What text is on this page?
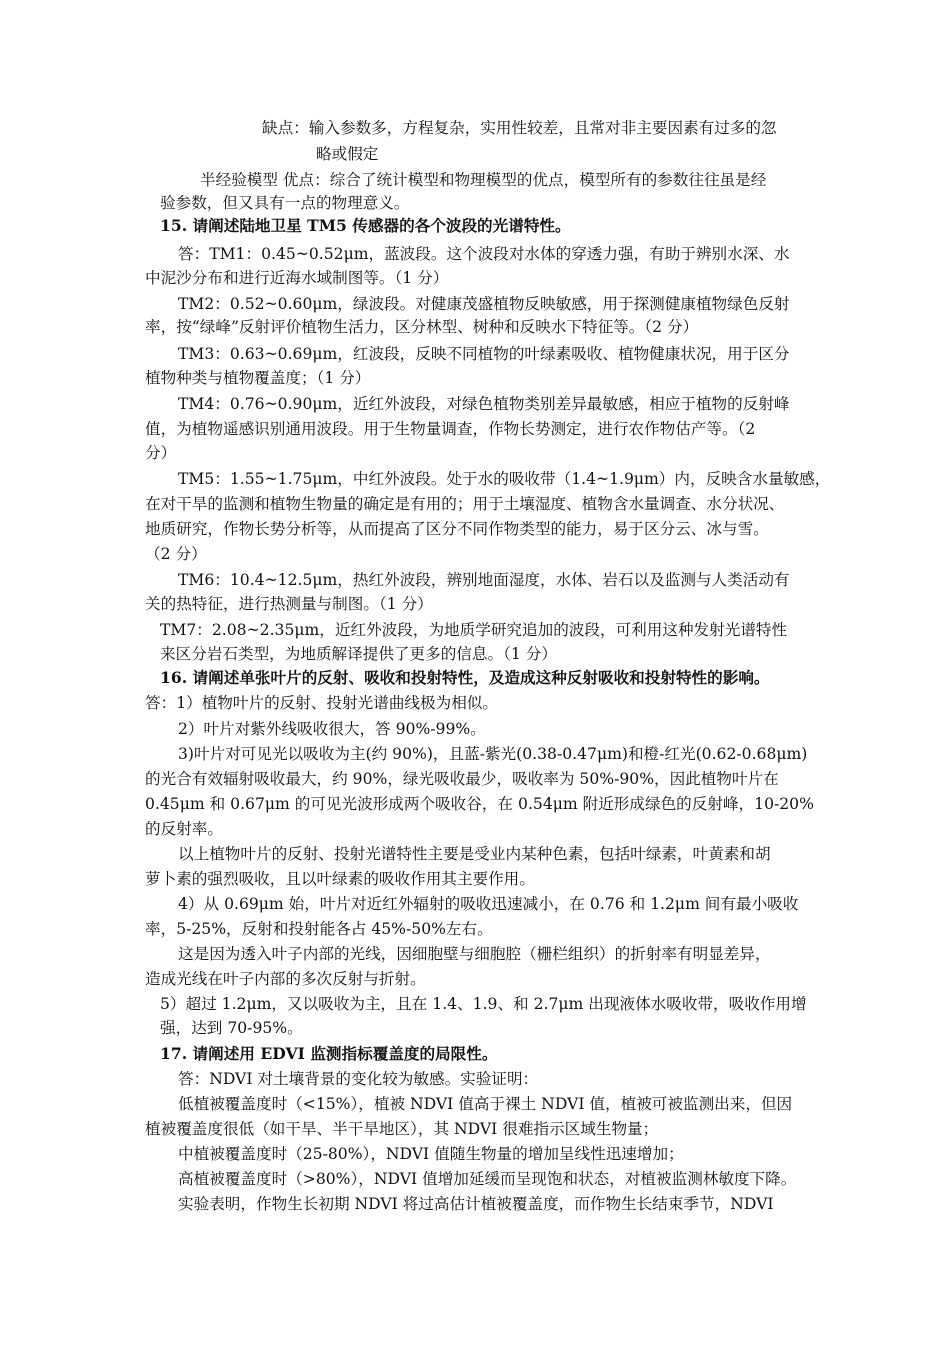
缺点：输入参数多，方程复杂，实用性较差，且常对非主要因素有过多的忽

略或假定

半经验模型 优点：综合了统计模型和物理模型的优点，模型所有的参数往往虽是经

验参数，但又具有一点的物理意义。

15. 请阐述陆地卫星 TM5 传感器的各个波段的光谱特性。

答：TM1：0.45~0.52μm，蓝波段。这个波段对水体的穿透力强，有助于辨别水深、水

中泥沙分布和进行近海水域制图等。（1 分）

TM2：0.52~0.60μm，绿波段。对健康茂盛植物反映敏感，用于探测健康植物绿色反射

率，按“绿峰”反射评价植物生活力，区分林型、树种和反映水下特征等。（2 分）

TM3：0.63~0.69μm，红波段，反映不同植物的叶绿素吸收、植物健康状况，用于区分

植物种类与植物覆盖度；（1 分）

TM4：0.76~0.90μm，近红外波段，对绿色植物类别差异最敏感，相应于植物的反射峰

值，为植物遥感识别通用波段。用于生物量调查，作物长势测定，进行农作物估产等。（2

分）

TM5：1.55~1.75μm，中红外波段。处于水的吸收带（1.4~1.9μm）内，反映含水量敏感，

在对干旱的监测和植物生物量的确定是有用的；用于土壤湿度、植物含水量调查、水分状况、

地质研究，作物长势分析等，从而提高了区分不同作物类型的能力，易于区分云、冰与雪。

（2 分）

TM6：10.4~12.5μm，热红外波段，辨别地面湿度，水体、岩石以及监测与人类活动有

关的热特征，进行热测量与制图。（1 分）

TM7：2.08~2.35μm，近红外波段，为地质学研究追加的波段，可利用这种发射光谱特性

来区分岩石类型，为地质解译提供了更多的信息。（1 分）

16. 请阐述单张叶片的反射、吸收和投射特性，及造成这种反射吸收和投射特性的影响。

答：1）植物叶片的反射、投射光谱曲线极为相似。

2）叶片对紫外线吸收很大，答 90%-99%。

3)叶片对可见光以吸收为主(约 90%)，且蓝-紫光(0.38-0.47μm)和橙-红光(0.62-0.68μm)

的光合有效辐射吸收最大，约 90%，绿光吸收最少，吸收率为 50%-90%，因此植物叶片在

0.45μm 和 0.67μm 的可见光波形成两个吸收谷，在 0.54μm 附近形成绿色的反射峰，10-20%

的反射率。

以上植物叶片的反射、投射光谱特性主要是受业内某种色素，包括叶绿素，叶黄素和胡

萝卜素的强烈吸收，且以叶绿素的吸收作用其主要作用。

4）从 0.69μm 始，叶片对近红外辐射的吸收迅速减小，在 0.76 和 1.2μm 间有最小吸收

率，5-25%，反射和投射能各占 45%-50%左右。

这是因为透入叶子内部的光线，因细胞壁与细胞腔（栅栏组织）的折射率有明显差异，

造成光线在叶子内部的多次反射与折射。

5）超过 1.2μm，又以吸收为主，且在 1.4、1.9、和 2.7μm 出现液体水吸收带，吸收作用增

强，达到 70-95%。

17. 请阐述用 EDVI 监测指标覆盖度的局限性。

答：NDVI 对土壤背景的变化较为敏感。实验证明：

低植被覆盖度时（<15%），植被 NDVI 值高于裸土 NDVI 值，植被可被监测出来，但因

植被覆盖度很低（如干旱、半干旱地区），其 NDVI 很难指示区域生物量；

中植被覆盖度时（25-80%），NDVI 值随生物量的增加呈线性迅速增加；

高植被覆盖度时（>80%），NDVI 值增加延缓而呈现饱和状态，对植被监测林敏度下降。

实验表明，作物生长初期 NDVI 将过高估计植被覆盖度，而作物生长结束季节，NDVI
